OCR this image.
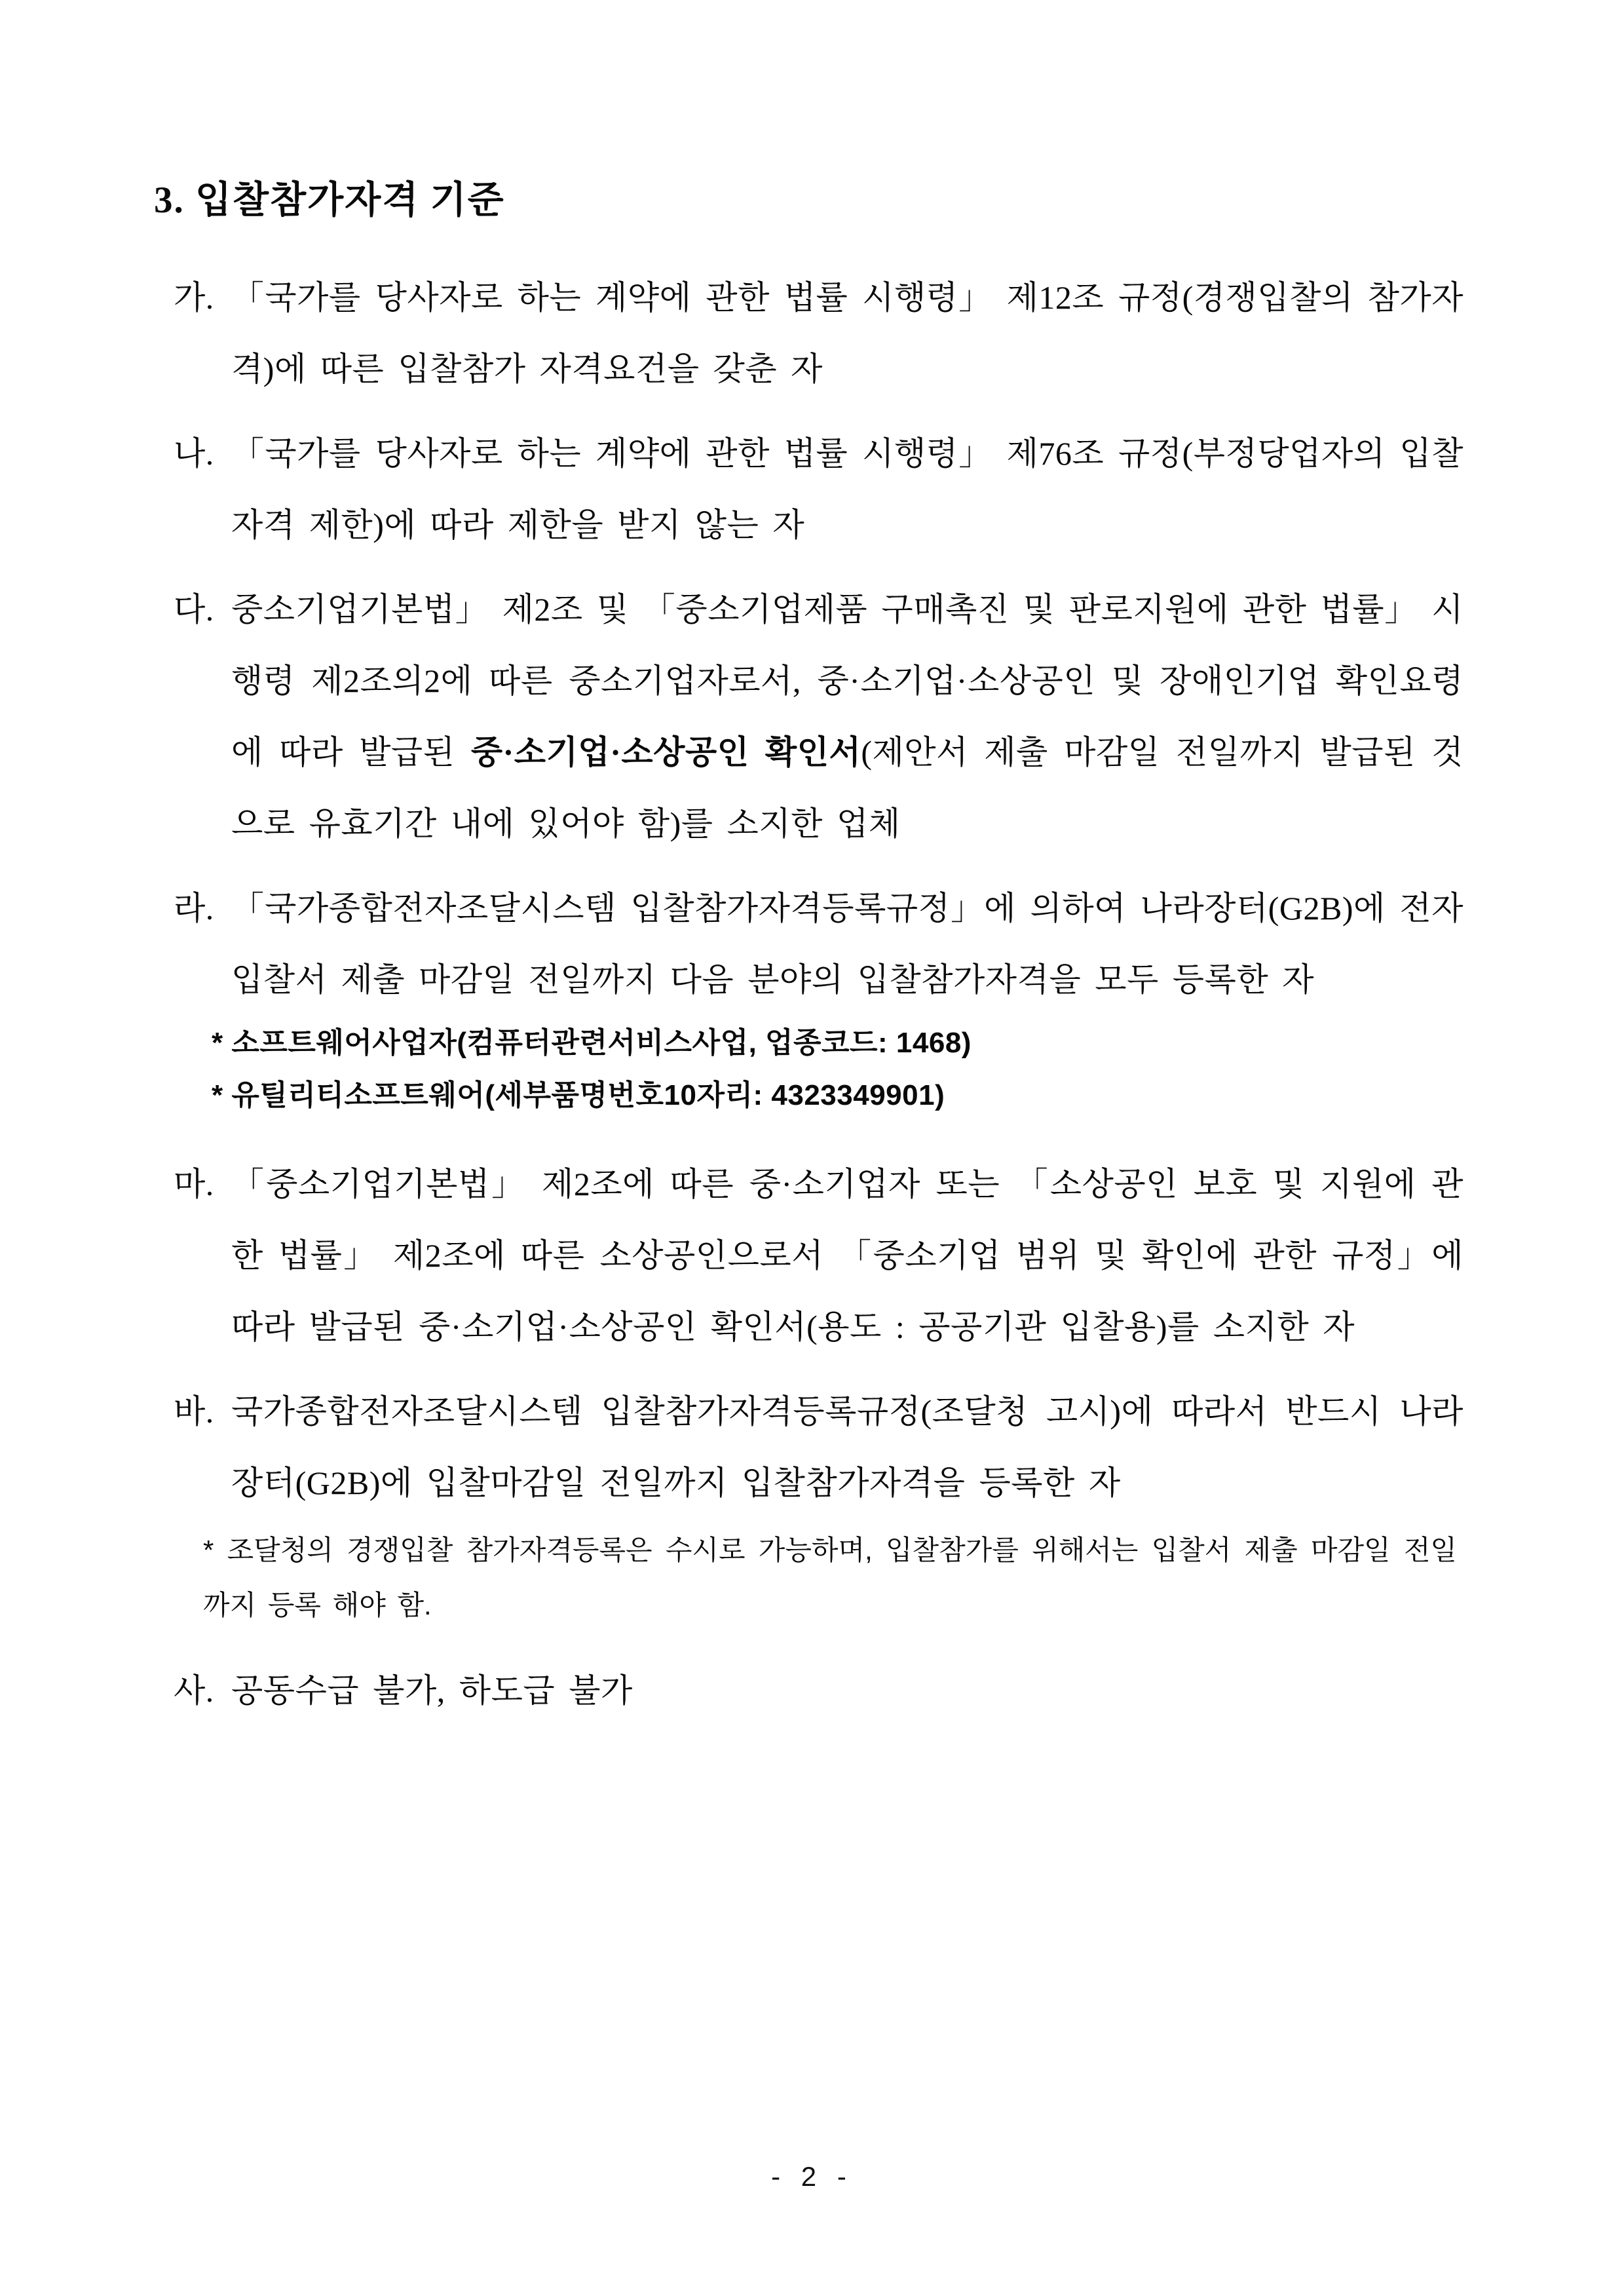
3. 입찰참가자격 기준
가. 「국가를 당사자로 하는 계약에 관한 법률 시행령」 제12조 규정(경쟁입찰의 참가자격)에 따른 입찰참가 자격요건을 갖춘 자
나. 「국가를 당사자로 하는 계약에 관한 법률 시행령」 제76조 규정(부정당업자의 입찰자격 제한)에 따라 제한을 받지 않는 자
다. 중소기업기본법」 제2조 및 「중소기업제품 구매촉진 및 판로지원에 관한 법률」 시행령 제2조의2에 따른 중소기업자로서, 중·소기업·소상공인 및 장애인기업 확인요령에 따라 발급된 중·소기업·소상공인 확인서(제안서 제출 마감일 전일까지 발급된 것으로 유효기간 내에 있어야 함)를 소지한 업체
라. 「국가종합전자조달시스템 입찰참가자격등록규정」에 의하여 나라장터(G2B)에 전자입찰서 제출 마감일 전일까지 다음 분야의 입찰참가자격을 모두 등록한 자
* 소프트웨어사업자(컴퓨터관련서비스사업, 업종코드: 1468)
* 유틸리티소프트웨어(세부품명번호10자리: 4323349901)
마. 「중소기업기본법」 제2조에 따른 중·소기업자 또는 「소상공인 보호 및 지원에 관한 법률」 제2조에 따른 소상공인으로서 「중소기업 범위 및 확인에 관한 규정」에 따라 발급된 중·소기업·소상공인 확인서(용도 : 공공기관 입찰용)를 소지한 자
바. 국가종합전자조달시스템 입찰참가자격등록규정(조달청 고시)에 따라서 반드시 나라장터(G2B)에 입찰마감일 전일까지 입찰참가자격을 등록한 자
* 조달청의 경쟁입찰 참가자격등록은 수시로 가능하며, 입찰참가를 위해서는 입찰서 제출 마감일 전일 까지 등록 해야 함.
사. 공동수급 불가, 하도급 불가
- 2 -
